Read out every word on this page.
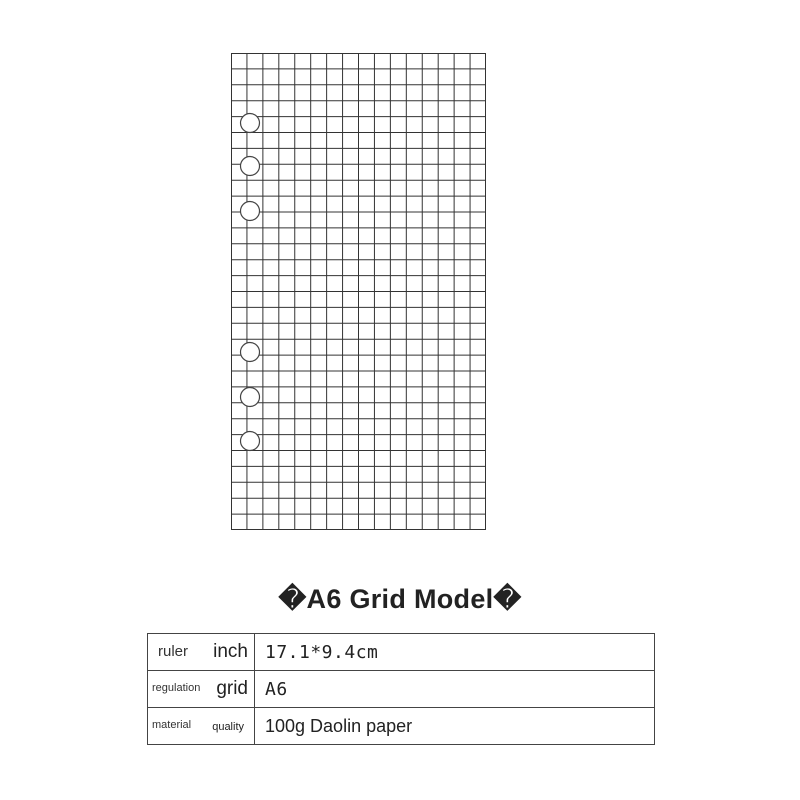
�A6 Grid Model�
ruler inch	17.1*9.4cm

regulation grid	A6

material quality	100g Daolin paper
